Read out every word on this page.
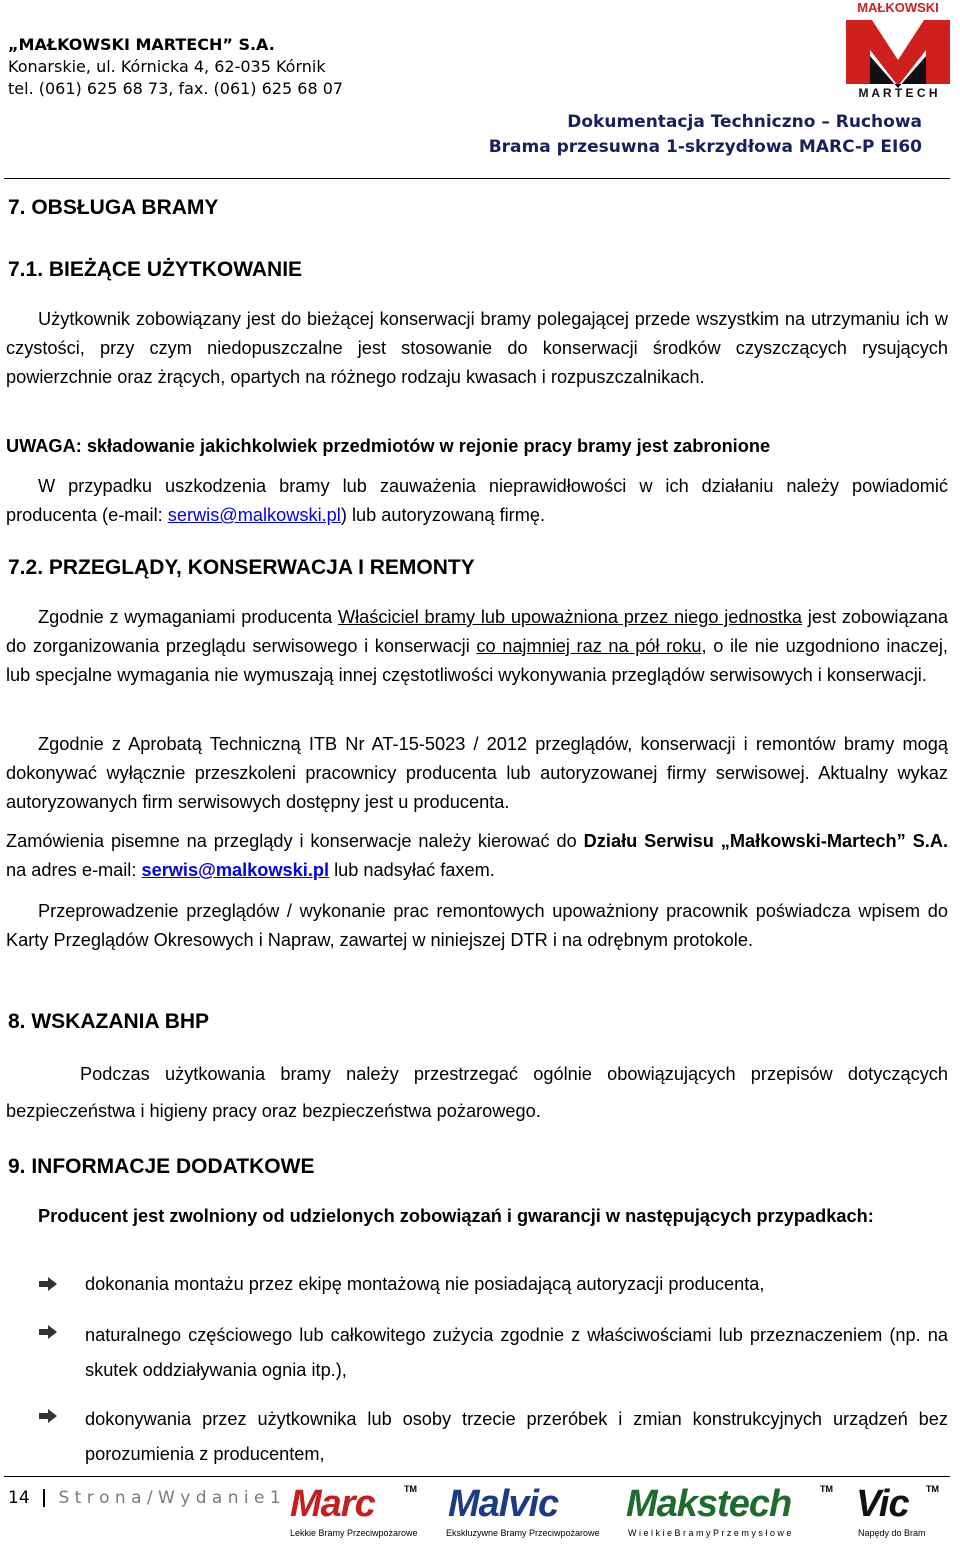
„MAŁKOWSKI MARTECH” S.A.
Konarskie, ul. Kórnicka 4, 62-035 Kórnik
tel. (061) 625 68 73, fax. (061) 625 68 07
MAŁKOWSKI
M A R T E C H
Dokumentacja Techniczno – Ruchowa
Brama przesuwna 1-skrzydłowa MARC-P EI60
7. OBSŁUGA BRAMY
7.1. BIEŻĄCE UŻYTKOWANIE
Użytkownik zobowiązany jest do bieżącej konserwacji bramy polegającej przede wszystkim na utrzymaniu ich w czystości, przy czym niedopuszczalne jest stosowanie do konserwacji środków czyszczących rysujących powierzchnie oraz żrących, opartych na różnego rodzaju kwasach i rozpuszczalnikach.
UWAGA: składowanie jakichkolwiek przedmiotów w rejonie pracy bramy jest zabronione
W przypadku uszkodzenia bramy lub zauważenia nieprawidłowości w ich działaniu należy powiadomić producenta (e-mail: serwis@malkowski.pl) lub autoryzowaną firmę.
7.2. PRZEGLĄDY, KONSERWACJA I REMONTY
Zgodnie z wymaganiami producenta Właściciel bramy lub upoważniona przez niego jednostka jest zobowiązana do zorganizowania przeglądu serwisowego i konserwacji co najmniej raz na pół roku, o ile nie uzgodniono inaczej, lub specjalne wymagania nie wymuszają innej częstotliwości wykonywania przeglądów serwisowych i konserwacji.
Zgodnie z Aprobatą Techniczną ITB Nr AT-15-5023 / 2012 przeglądów, konserwacji i remontów bramy mogą dokonywać wyłącznie przeszkoleni pracownicy producenta lub autoryzowanej firmy serwisowej. Aktualny wykaz autoryzowanych firm serwisowych dostępny jest u producenta.
Zamówienia pisemne na przeglądy i konserwacje należy kierować do Działu Serwisu „Małkowski-Martech” S.A. na adres e-mail: serwis@malkowski.pl lub nadsyłać faxem.
Przeprowadzenie przeglądów / wykonanie prac remontowych upoważniony pracownik poświadcza wpisem do Karty Przeglądów Okresowych i Napraw, zawartej w niniejszej DTR i na odrębnym protokole.
8. WSKAZANIA BHP
Podczas użytkowania bramy należy przestrzegać ogólnie obowiązujących przepisów dotyczących bezpieczeństwa i higieny pracy oraz bezpieczeństwa pożarowego.
9. INFORMACJE DODATKOWE
Producent jest zwolniony od udzielonych zobowiązań i gwarancji w następujących przypadkach:
dokonania montażu przez ekipę montażową nie posiadającą autoryzacji producenta,
naturalnego częściowego lub całkowitego zużycia zgodnie z właściwościami lub przeznaczeniem (np. na skutek oddziaływania ognia itp.),
dokonywania przez użytkownika lub osoby trzecie przeróbek i zmian konstrukcyjnych urządzeń bez porozumienia z producentem,
14 S t r o n a / W y d a n i e 1 Marc	TM
Lekkie Bramy Przeciwpożarowe
Malvic
Ekskluzywne Bramy Przeciwpożarowe
Makstech	TM
W i e l k i e B r a m y P r z e m y s ł o w e
Vic TM
Napędy do Bram
